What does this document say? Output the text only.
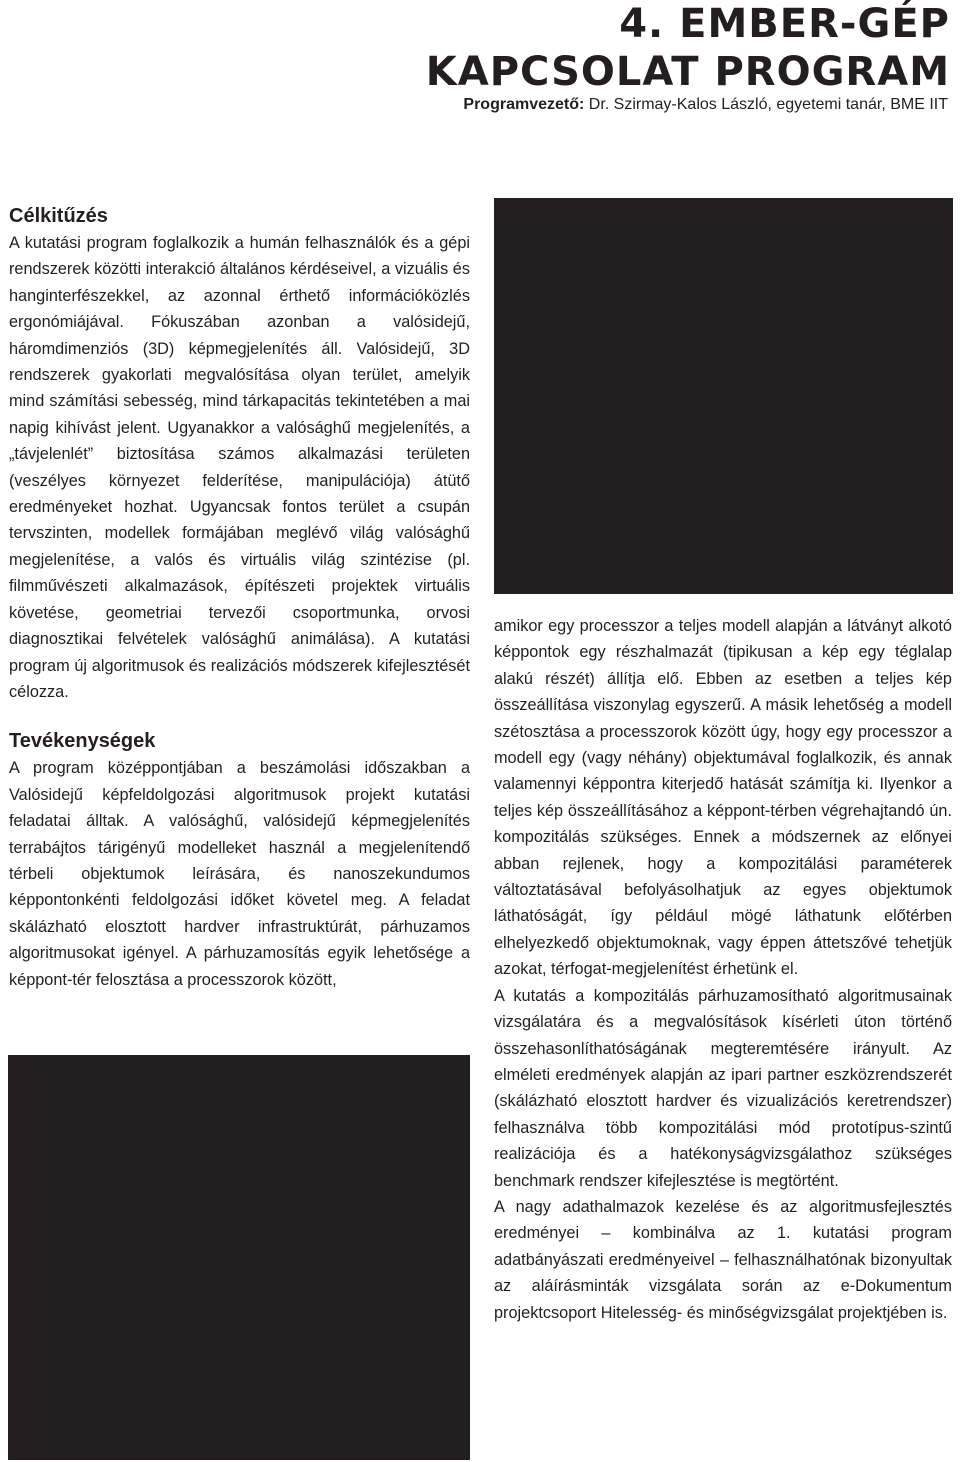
4. EMBER-GÉP
KAPCSOLAT PROGRAM
Programvezető: Dr. Szirmay-Kalos László, egyetemi tanár, BME IIT
Célkitűzés

A kutatási program foglalkozik a humán felhasználók és a gépi rendszerek közötti interakció általános kérdéseivel, a vizuális és hanginterfészekkel, az azonnal érthető információközlés ergonómiájával. Fókuszában azonban a valósidejű, háromdimenziós (3D) képmegjelenítés áll. Valósidejű, 3D rendszerek gyakorlati megvalósítása olyan terület, amelyik mind számítási sebesség, mind tárkapacitás tekintetében a mai napig kihívást jelent. Ugyanakkor a valósághű megjelenítés, a „távjelenlét” biztosítása számos alkalmazási területen (veszélyes környezet felderítése, manipulációja) átütő eredményeket hozhat. Ugyancsak fontos terület a csupán tervszinten, modellek formájában meglévő világ valósághű megjelenítése, a valós és virtuális világ szintézise (pl. filmművészeti alkalmazások, építészeti projektek virtuális követése, geometriai tervezői csoportmunka, orvosi diagnosztikai felvételek valósághű animálása). A kutatási program új algoritmusok és realizációs módszerek kifejlesztését célozza.

Tevékenységek

A program középpontjában a beszámolási időszakban a Valósidejű képfeldolgozási algoritmusok projekt kutatási feladatai álltak. A valósághű, valósidejű képmegjelenítés terrabájtos tárigényű modelleket használ a megjelenítendő térbeli objektumok leírására, és nanoszekundumos képpontonkénti feldolgozási időket követel meg. A feladat skálázható elosztott hardver infrastruktúrát, párhuzamos algoritmusokat igényel. A párhuzamosítás egyik lehetősége a képpont-tér felosztása a processzorok között,

amikor egy processzor a teljes modell alapján a látványt alkotó képpontok egy részhalmazát (tipikusan a kép egy téglalap alakú részét) állítja elő. Ebben az esetben a teljes kép összeállítása viszonylag egyszerű. A másik lehetőség a modell szétosztása a processzorok között úgy, hogy egy processzor a modell egy (vagy néhány) objektumával foglalkozik, és annak valamennyi képpontra kiterjedő hatását számítja ki. Ilyenkor a teljes kép összeállításához a képpont-térben végrehajtandó ún. kompozitálás szükséges. Ennek a módszernek az előnyei abban rejlenek, hogy a kompozitálási paraméterek változtatásával befolyásolhatjuk az egyes objektumok láthatóságát, így például mögé láthatunk előtérben elhelyezkedő objektumoknak, vagy éppen áttetszővé tehetjük azokat, térfogat-megjelenítést érhetünk el.

A kutatás a kompozitálás párhuzamosítható algoritmusainak vizsgálatára és a megvalósítások kísérleti úton történő összehasonlíthatóságának megteremtésére irányult. Az elméleti eredmények alapján az ipari partner eszközrendszerét (skálázható elosztott hardver és vizualizációs keretrendszer) felhasználva több kompozitálási mód prototípus-szintű realizációja és a hatékonyságvizsgálathoz szükséges benchmark rendszer kifejlesztése is megtörtént.

A nagy adathalmazok kezelése és az algoritmusfejlesztés eredményei – kombinálva az 1. kutatási program adatbányászati eredményeivel – felhasználhatónak bizonyultak az aláírásminták vizsgálata során az e-Dokumentum projektcsoport Hitelesség- és minőségvizsgálat projektjében is.
